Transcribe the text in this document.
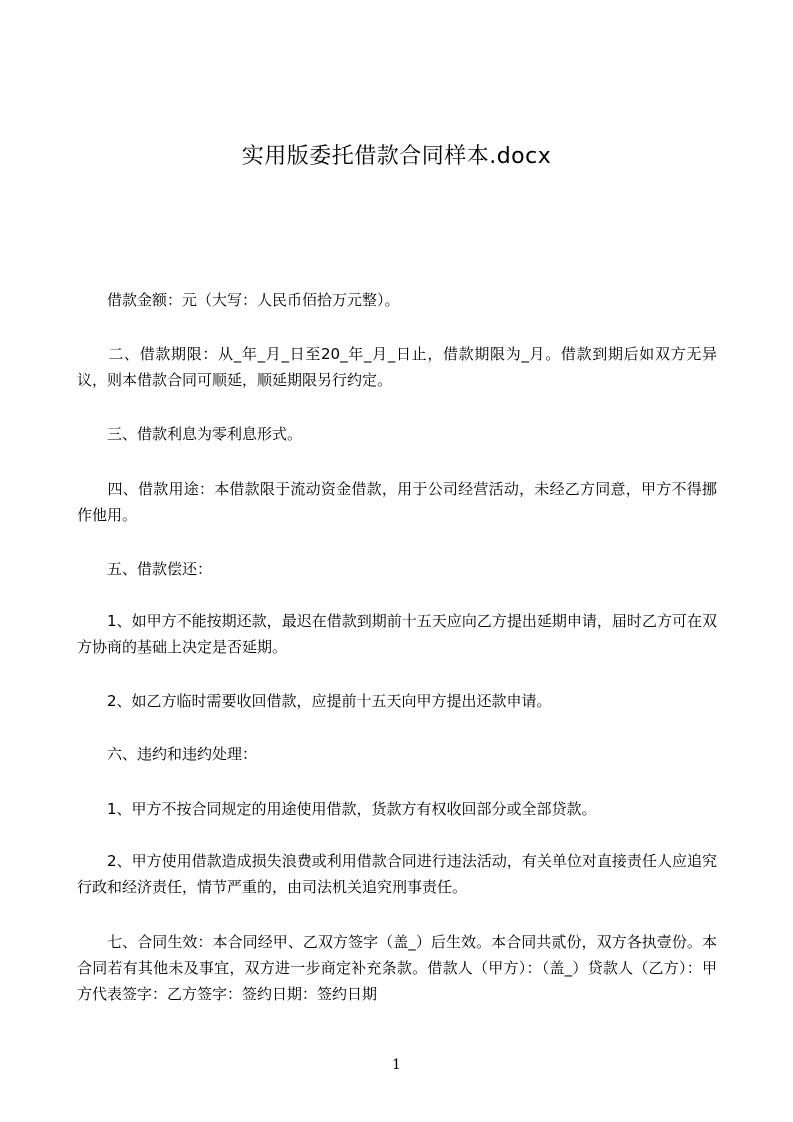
实用版委托借款合同样本.docx

　　借款金额：元（大写：人民币佰拾万元整）。

　　二、借款期限：从_年_月_日至20_年_月_日止，借款期限为_月。借款到期后如双方无异议，则本借款合同可顺延，顺延期限另行约定。

　　三、借款利息为零利息形式。

　　四、借款用途：本借款限于流动资金借款，用于公司经营活动，未经乙方同意，甲方不得挪作他用。

　　五、借款偿还：

　　1、如甲方不能按期还款，最迟在借款到期前十五天应向乙方提出延期申请，届时乙方可在双方协商的基础上决定是否延期。

　　2、如乙方临时需要收回借款，应提前十五天向甲方提出还款申请。

　　六、违约和违约处理：

　　1、甲方不按合同规定的用途使用借款，货款方有权收回部分或全部贷款。

　　2、甲方使用借款造成损失浪费或利用借款合同进行违法活动，有关单位对直接责任人应追究行政和经济责任，情节严重的，由司法机关追究刑事责任。

　　七、合同生效：本合同经甲、乙双方签字（盖_）后生效。本合同共贰份，双方各执壹份。本合同若有其他未及事宜，双方进一步商定补充条款。借款人（甲方）：（盖_）贷款人（乙方）：甲方代表签字：乙方签字：签约日期：签约日期

1
